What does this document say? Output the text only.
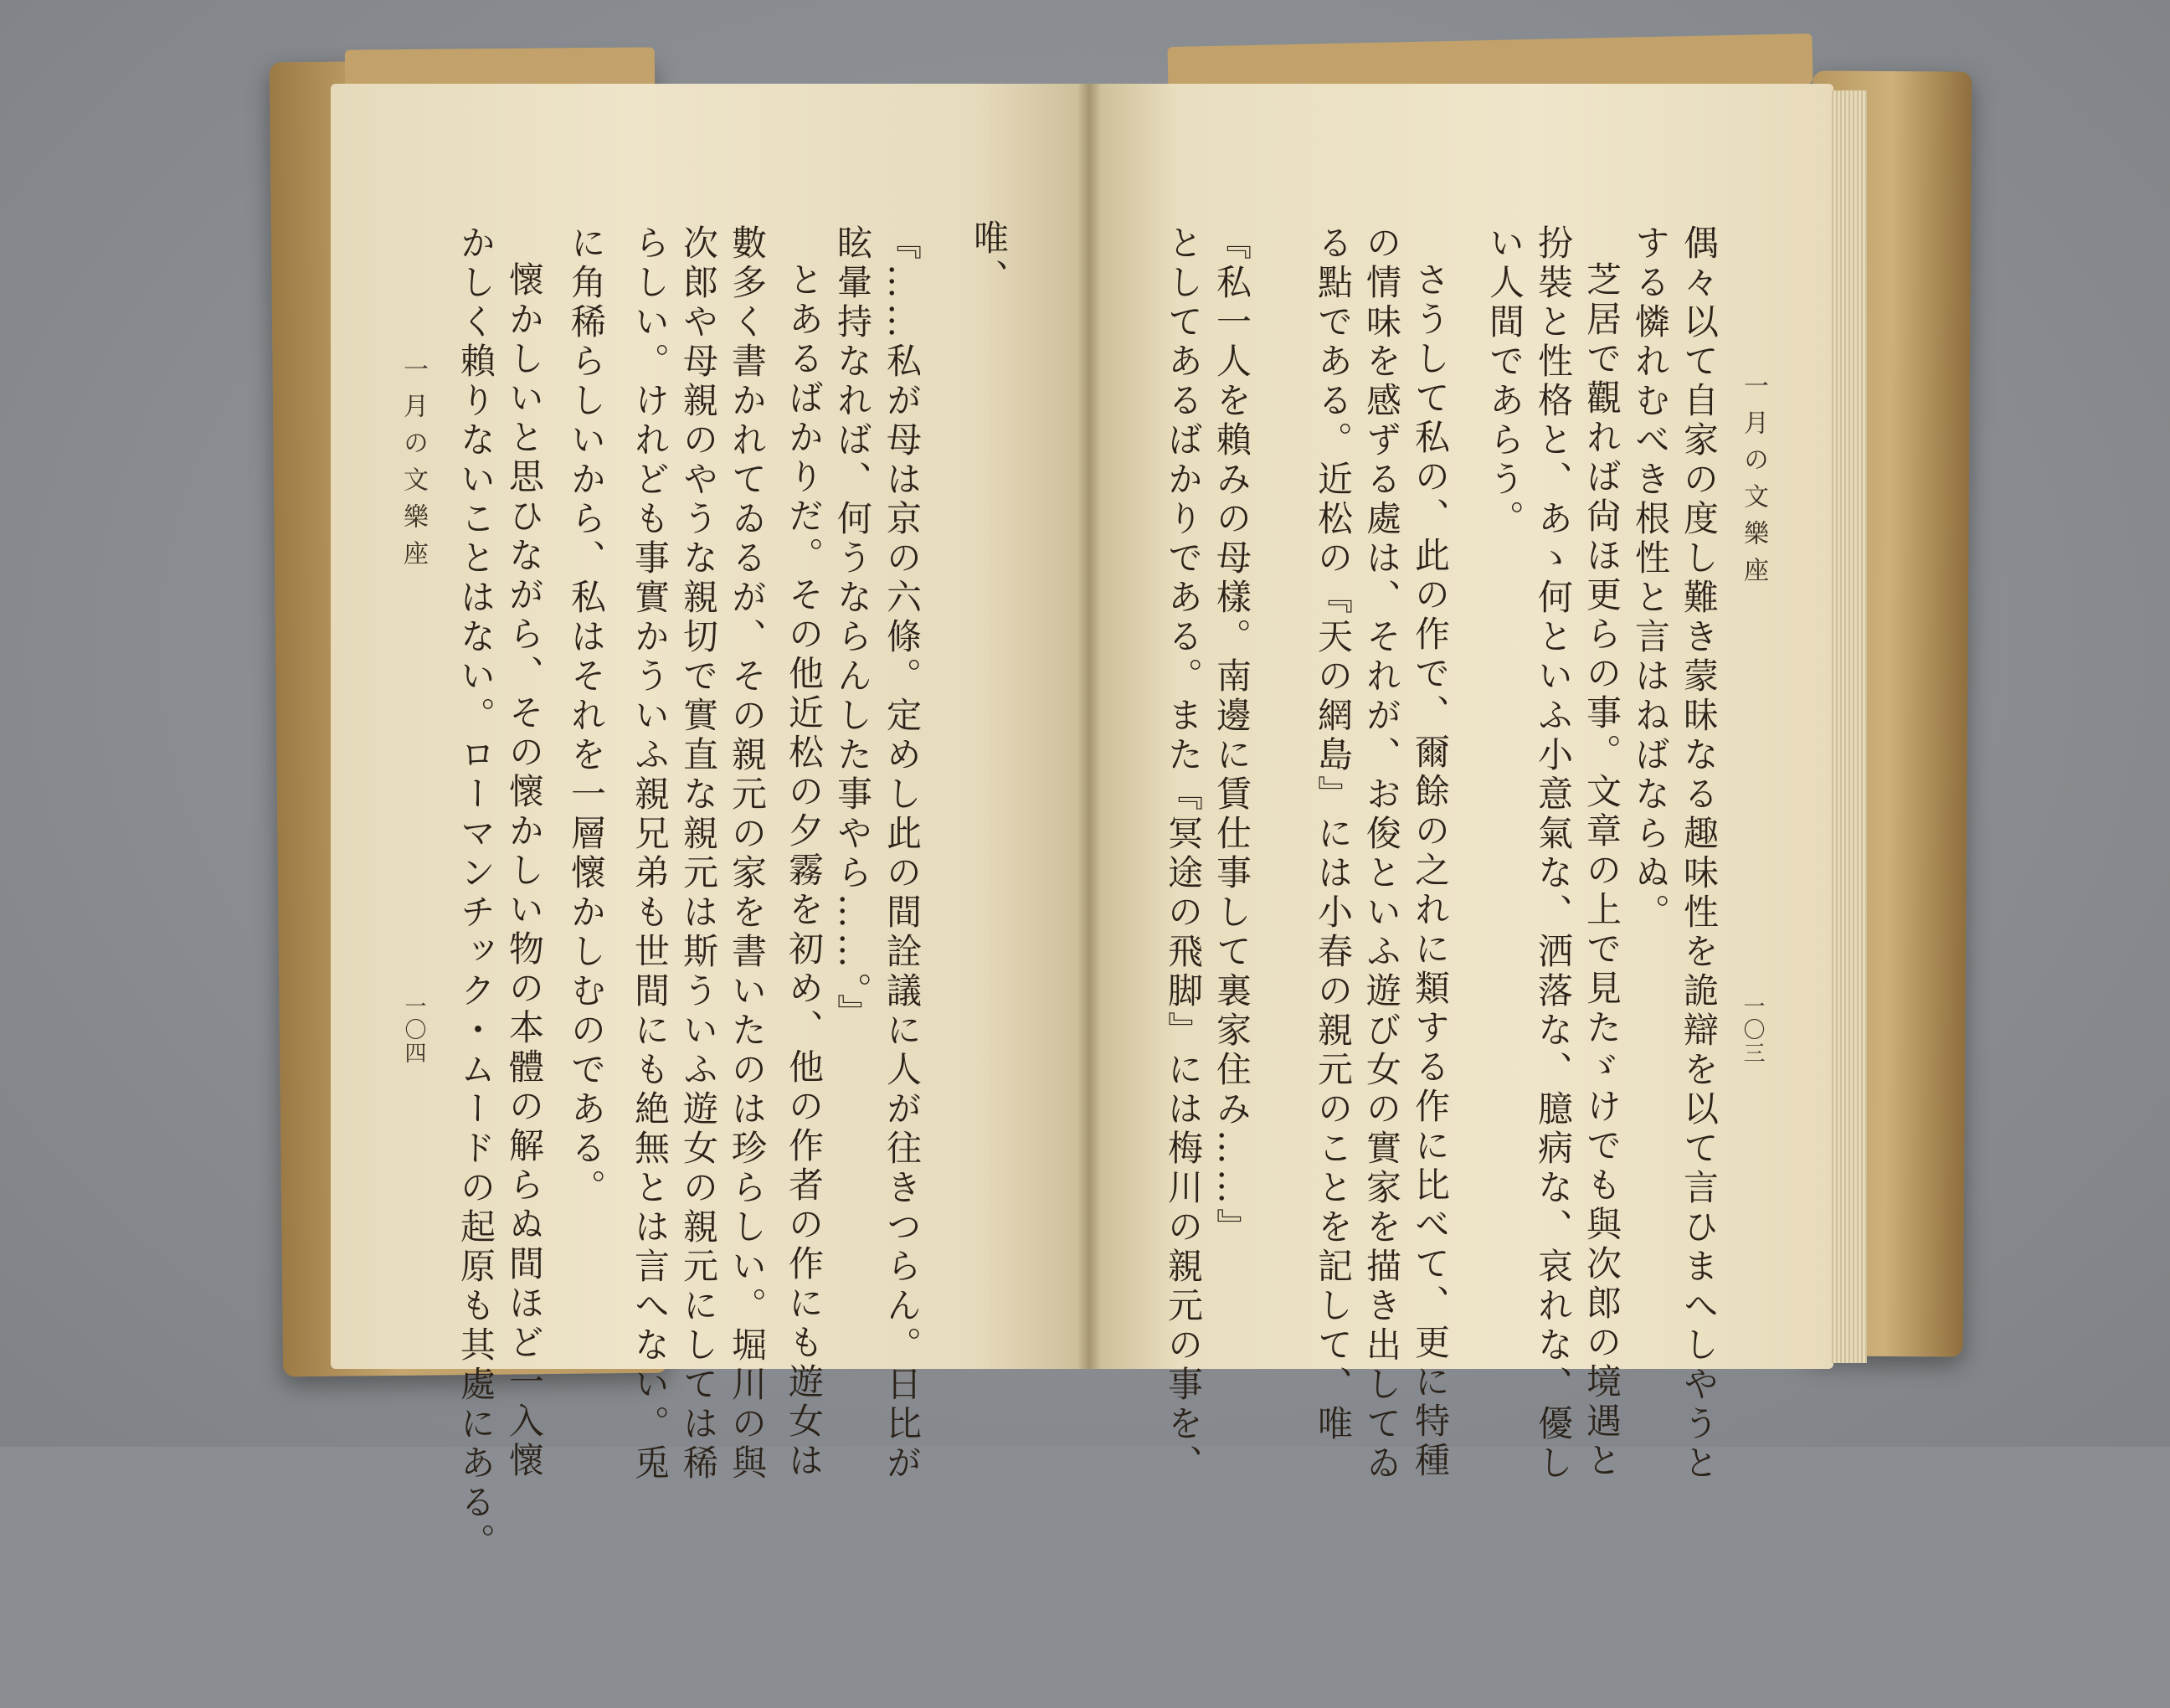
一月の文樂座
一〇三
偶々以て自家の度し難き蒙昧なる趣味性を詭辯を以て言ひまへしやうと
する憐れむべき根性と言はねばならぬ。
芝居で觀れば尙ほ更らの事。文章の上で見たゞけでも與次郎の境遇と
扮裝と性格と、あゝ何といふ小意氣な、洒落な、臆病な、哀れな、優し
い人間であらう。
さうして私の、此の作で、爾餘の之れに類する作に比べて、更に特種
の情味を感ずる處は、それが、お俊といふ遊び女の實家を描き出してゐ
る點である。近松の『天の網島』には小春の親元のことを記して、唯
『私一人を賴みの母樣。南邊に賃仕事して裏家住み……』
としてあるばかりである。また『冥途の飛脚』には梅川の親元の事を、
唯、
『……私が母は京の六條。定めし此の間詮議に人が往きつらん。日比が
眩暈持なれば、何うならんした事やら……。』
とあるばかりだ。その他近松の夕霧を初め、他の作者の作にも遊女は
數多く書かれてゐるが、その親元の家を書いたのは珍らしい。堀川の與
次郎や母親のやうな親切で實直な親元は斯ういふ遊女の親元にしては稀
らしい。けれども事實かういふ親兄弟も世間にも絶無とは言へない。兎
に角稀らしいから、私はそれを一層懷かしむのである。
懷かしいと思ひながら、その懷かしい物の本體の解らぬ間ほど一入懷
かしく賴りないことはない。ローマンチック・ムードの起原も其處にある。
一月の文樂座
一〇四
